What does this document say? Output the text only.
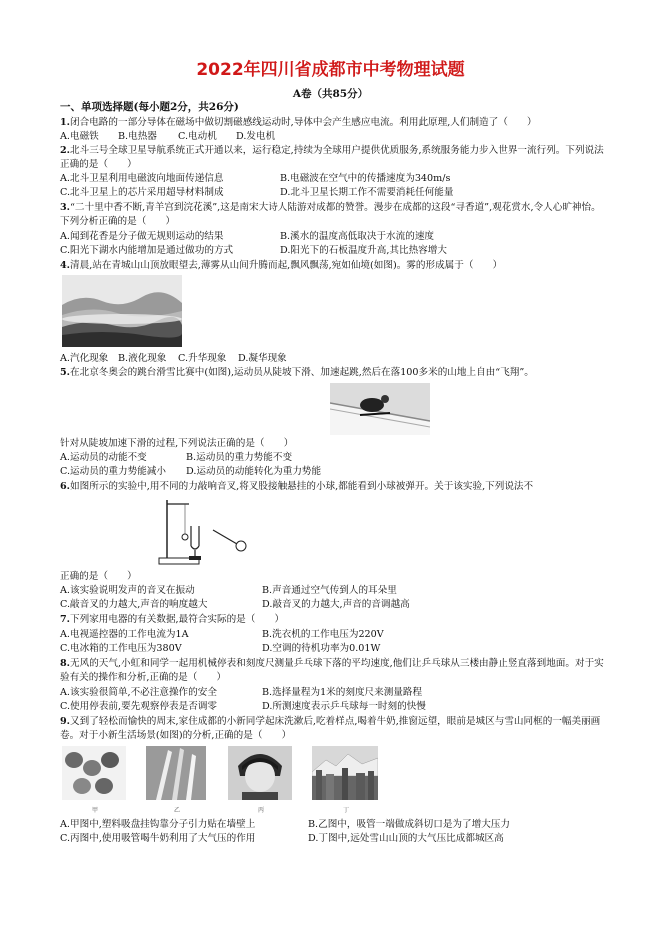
2022年四川省成都市中考物理试题
A卷（共85分）
一、单项选择题(每小题2分，共26分)
1.闭合电路的一部分导体在磁场中做切割磁感线运动时,导体中会产生感应电流。利用此原理,人们制造了（　　）
A.电磁铁 B.电热器 C.电动机 D.发电机
2.北斗三号全球卫星导航系统正式开通以来，运行稳定,持续为全球用户提供优质服务,系统服务能力步入世界一流行列。下列说法正确的是（　　）
A.北斗卫星利用电磁波向地面传递信息	B.电磁波在空气中的传播速度为340m/s
C.北斗卫星上的芯片采用超导材料制成	D.北斗卫星长期工作不需要消耗任何能量
3.“二十里中香不断,青羊宫到浣花溪”,这是南宋大诗人陆游对成都的赞誉。漫步在成都的这段“寻香道”,观花赏水,令人心旷神怡。下列分析正确的是（　　）
A.闻到花香是分子做无规则运动的结果	B.溪水的温度高低取决于水流的速度
C.阳光下湖水内能增加是通过做功的方式	D.阳光下的石板温度升高,其比热容增大
4.清晨,站在青城山山顶放眼望去,薄雾从山间升腾而起,飘风飘荡,宛如仙境(如图)。雾的形成属于（　　）
A.汽化现象 B.液化现象 C.升华现象 D.凝华现象
5.在北京冬奥会的跳台滑雪比赛中(如图),运动员从陡坡下滑、加速起跳,然后在落100多米的山地上自由“飞翔”。
针对从陡坡加速下滑的过程,下列说法正确的是（　　）
A.运动员的动能不变	B.运动员的重力势能不变
C.运动员的重力势能减小 D.运动员的动能转化为重力势能
6.如图所示的实验中,用不同的力敲响音叉,将叉股接触悬挂的小球,都能看到小球被弹开。关于该实验,下列说法不
正确的是（　　）
A.该实验说明发声的音叉在振动	B.声音通过空气传到人的耳朵里
C.敲音叉的力越大,声音的响度越大	D.敲音叉的力越大,声音的音调越高
7.下列家用电器的有关数据,最符合实际的是（　　）
A.电视遥控器的工作电流为1A	B.洗衣机的工作电压为220V
C.电冰箱的工作电压为380V	D.空调的待机功率为0.01W
8.无风的天气,小虹和同学一起用机械停表和刻度尺测量乒乓球下落的平均速度,他们让乒乓球从三楼由静止竖直落到地面。对于实验有关的操作和分析,正确的是（　　）
A.该实验很简单,不必注意操作的安全	B.选择量程为1米的刻度尺来测量路程
C.使用停表前,要先观察停表是否调零	D.所测速度表示乒乓球每一时刻的快慢
9.又到了轻松而愉快的周末,家住成都的小新同学起床洗漱后,吃着样点,喝着牛奶,推窗远望，眼前是城区与雪山同框的一幅美丽画卷。对于小新生活场景(如图)的分析,正确的是（　　）
甲	乙	丙	丁
A.甲图中,塑料吸盘挂钩靠分子引力贴在墙壁上	B.乙图中，吸管一端做成斜切口是为了增大压力
C.丙图中,使用吸管喝牛奶利用了大气压的作用	D.丁图中,远处雪山山顶的大气压比成都城区高
